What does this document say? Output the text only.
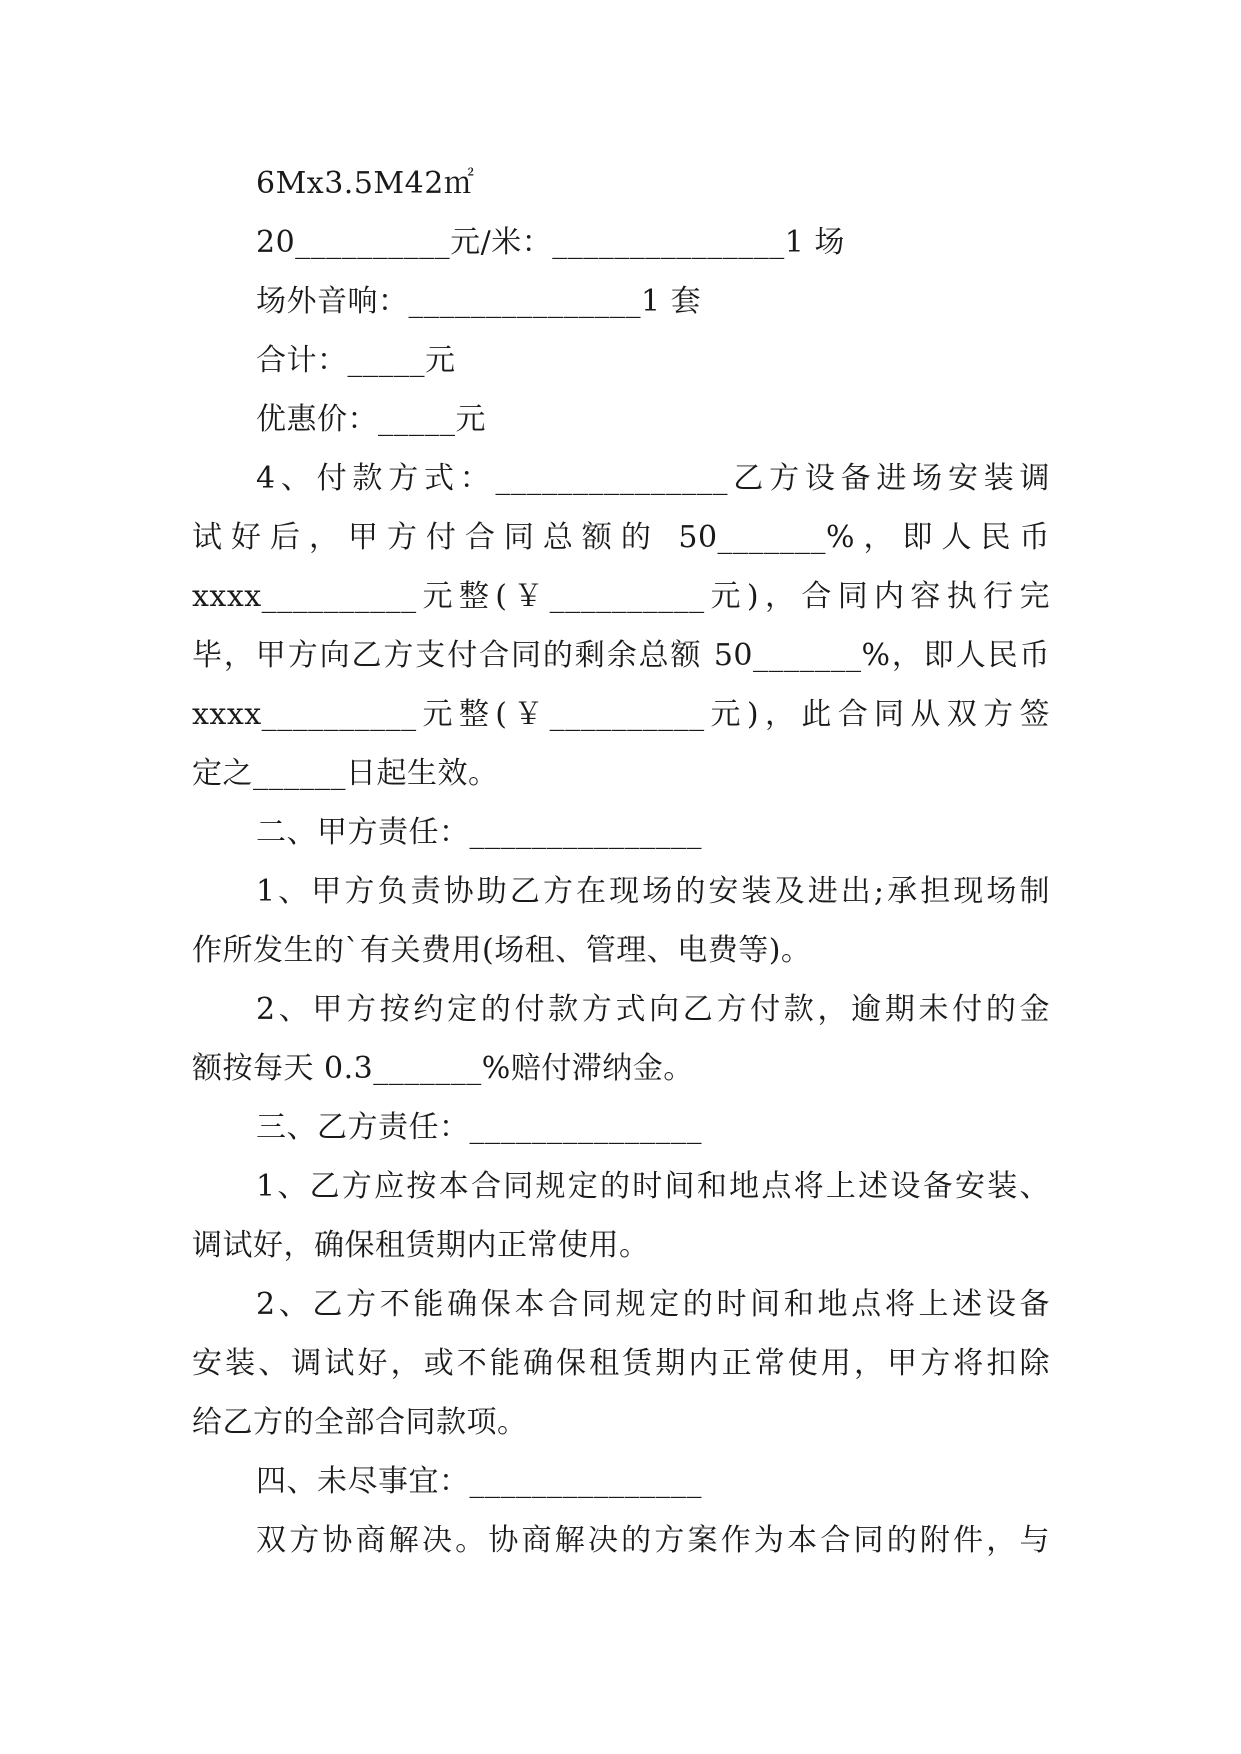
6Mx3.5M42㎡
20__________元/米：_______________1 场
场外音响：_______________1 套
合计：_____元
优惠价：_____元
4、付款方式：_______________乙方设备进场安装调
试好后，甲方付合同总额的 50_______%，即人民币
xxxx__________元整(￥__________元)，合同内容执行完
毕，甲方向乙方支付合同的剩余总额 50_______%，即人民币
xxxx__________元整(￥__________元)，此合同从双方签
定之______日起生效。
二、甲方责任：_______________
1、甲方负责协助乙方在现场的安装及进出;承担现场制
作所发生的`有关费用(场租、管理、电费等)。
2、甲方按约定的付款方式向乙方付款，逾期未付的金
额按每天 0.3_______%赔付滞纳金。
三、乙方责任：_______________
1、乙方应按本合同规定的时间和地点将上述设备安装、
调试好，确保租赁期内正常使用。
2、乙方不能确保本合同规定的时间和地点将上述设备
安装、调试好，或不能确保租赁期内正常使用，甲方将扣除
给乙方的全部合同款项。
四、未尽事宜：_______________
双方协商解决。协商解决的方案作为本合同的附件，与
